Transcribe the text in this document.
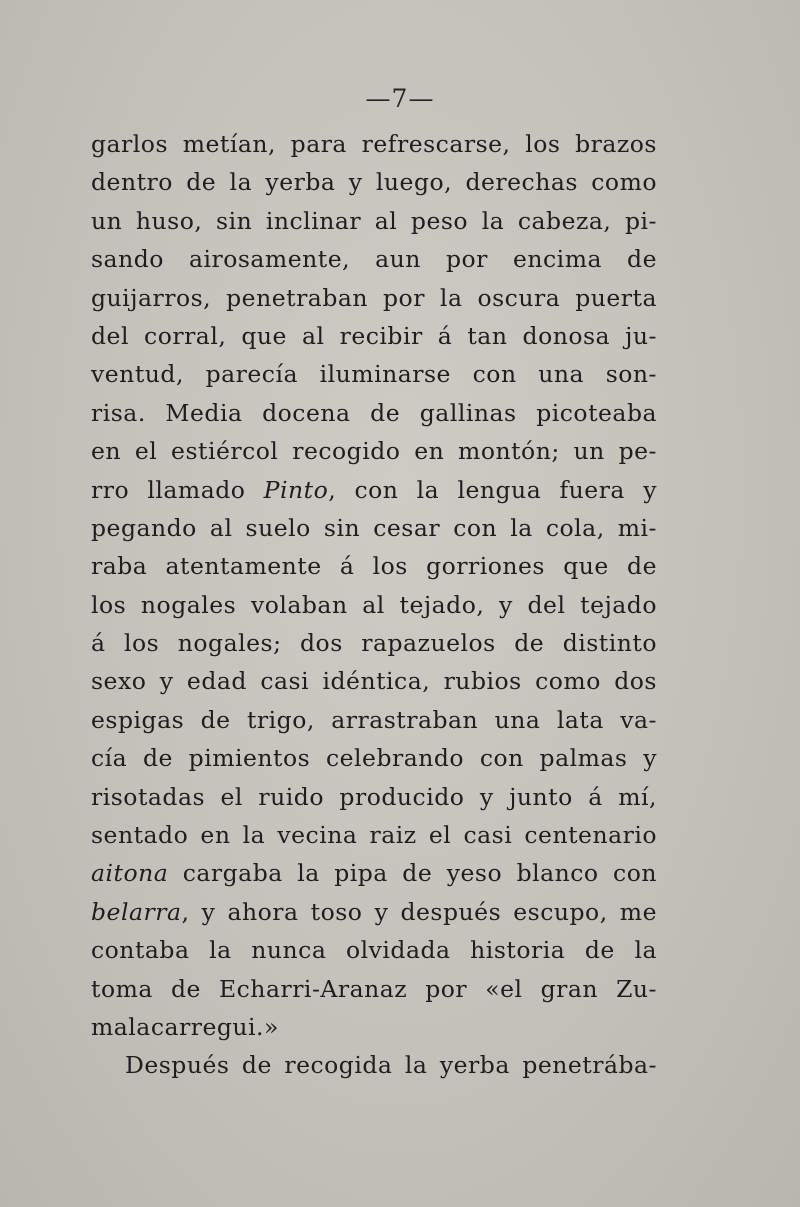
—7—
garlos metían, para refrescarse, los brazos
dentro de la yerba y luego, derechas como
un huso, sin inclinar al peso la cabeza, pi-
sando airosamente, aun por encima de
guijarros, penetraban por la oscura puerta
del corral, que al recibir á tan donosa ju-
ventud, parecía iluminarse con una son-
risa. Media docena de gallinas picoteaba
en el estiércol recogido en montón; un pe-
rro llamado Pinto, con la lengua fuera y
pegando al suelo sin cesar con la cola, mi-
raba atentamente á los gorriones que de
los nogales volaban al tejado, y del tejado
á los nogales; dos rapazuelos de distinto
sexo y edad casi idéntica, rubios como dos
espigas de trigo, arrastraban una lata va-
cía de pimientos celebrando con palmas y
risotadas el ruido producido y junto á mí,
sentado en la vecina raiz el casi centenario
aitona cargaba la pipa de yeso blanco con
belarra, y ahora toso y después escupo, me
contaba la nunca olvidada historia de la
toma de Echarri-Aranaz por «el gran Zu-
malacarregui.»
Después de recogida la yerba penetrába-
